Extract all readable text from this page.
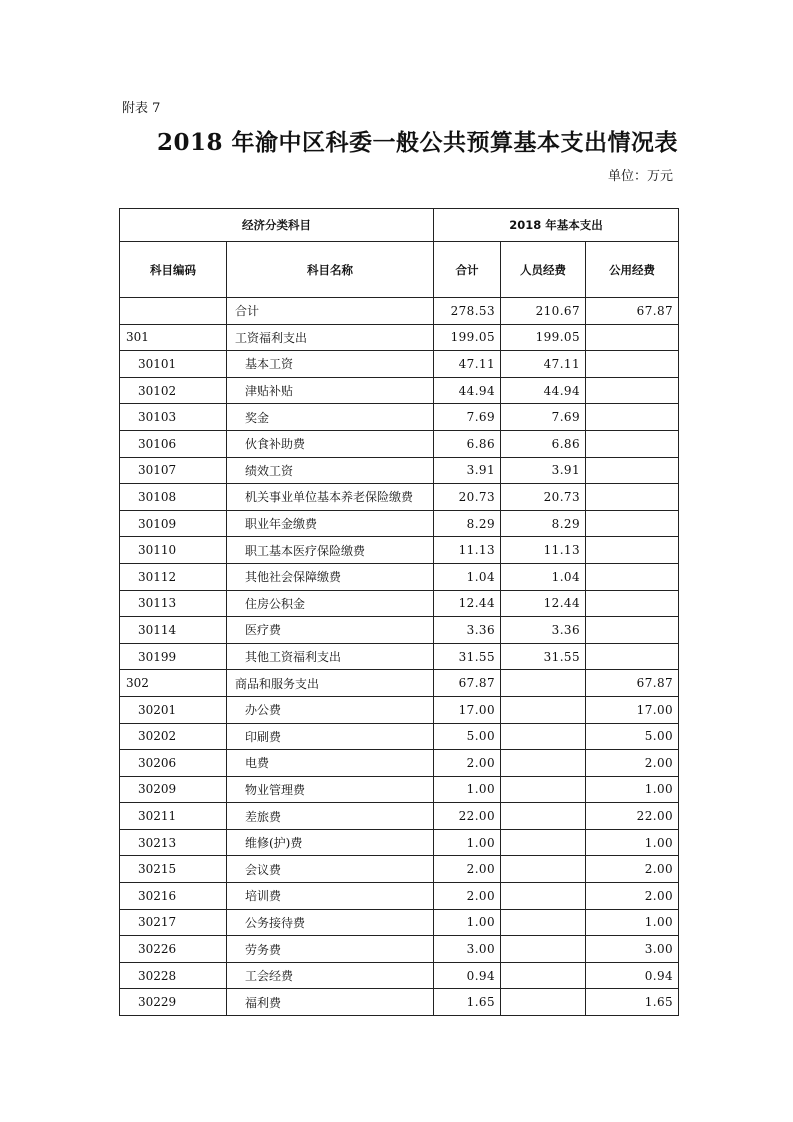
附表 7
2018 年渝中区科委一般公共预算基本支出情况表
单位：万元
经济分类科目		2018 年基本支出		
科目编码	科目名称	合计	人员经费	公用经费
	合计	278.53	210.67	67.87
301	工资福利支出	199.05	199.05	
30101	基本工资	47.11	47.11	
30102	津贴补贴	44.94	44.94	
30103	奖金	7.69	7.69	
30106	伙食补助费	6.86	6.86	
30107	绩效工资	3.91	3.91	
30108	机关事业单位基本养老保险缴费	20.73	20.73	
30109	职业年金缴费	8.29	8.29	
30110	职工基本医疗保险缴费	11.13	11.13	
30112	其他社会保障缴费	1.04	1.04	
30113	住房公积金	12.44	12.44	
30114	医疗费	3.36	3.36	
30199	其他工资福利支出	31.55	31.55	
302	商品和服务支出	67.87		67.87
30201	办公费	17.00		17.00
30202	印刷费	5.00		5.00
30206	电费	2.00		2.00
30209	物业管理费	1.00		1.00
30211	差旅费	22.00		22.00
30213	维修(护)费	1.00		1.00
30215	会议费	2.00		2.00
30216	培训费	2.00		2.00
30217	公务接待费	1.00		1.00
30226	劳务费	3.00		3.00
30228	工会经费	0.94		0.94
30229	福利费	1.65		1.65
